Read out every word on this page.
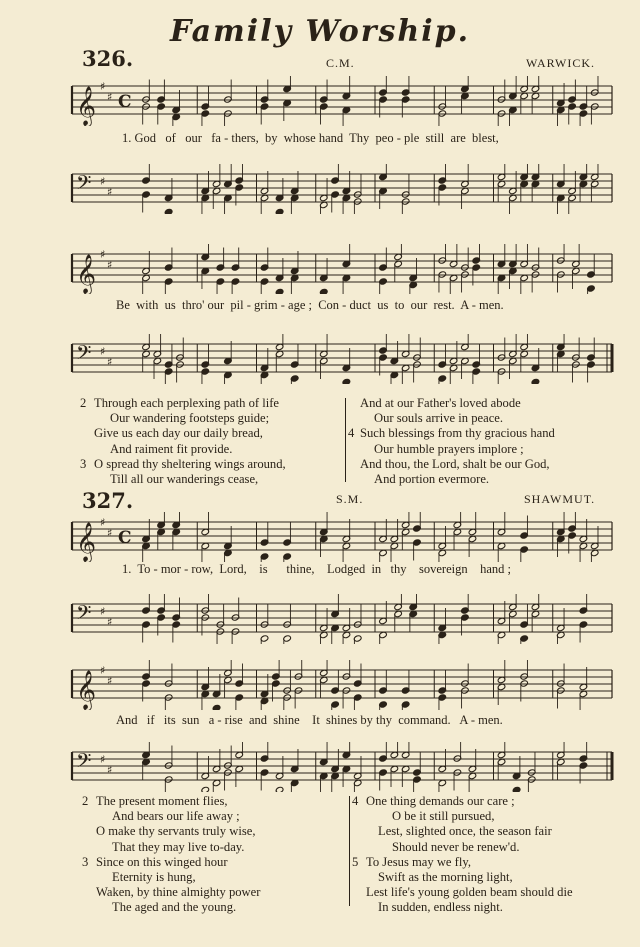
Family Worship.
326.	C.M.	WARWICK.
𝄞 ♯
♯ C
1. God   of   our   fa - thers,  by  whose hand  Thy  peo - ple  still  are  blest,
𝄢 ♯
♯
𝄞 ♯
♯
Be  with  us  thro' our  pil - grim - age ;  Con - duct  us  to  our  rest.  A - men.
𝄢 ♯
♯
2 Through each perplexing path of life
Our wandering footsteps guide;
Give us each day our daily bread,
And raiment fit provide.
3 O spread thy sheltering wings around,
Till all our wanderings cease,
And at our Father's loved abode
Our souls arrive in peace.
4 Such blessings from thy gracious hand
Our humble prayers implore ;
And thou, the Lord, shalt be our God,
And portion evermore.
327.	S.M.	SHAWMUT.
𝄞 ♯
♯ C
1.  To - mor - row,  Lord,    is      thine,    Lodged  in   thy    sovereign    hand ;
𝄢 ♯
♯
𝄞 ♯
♯
And   if   its  sun   a - rise  and  shine    It  shines by thy  command.   A - men.
𝄢 ♯
♯
2 The present moment flies,
And bears our life away ;
O make thy servants truly wise,
That they may live to-day.
3 Since on this winged hour
Eternity is hung,
Waken, by thine almighty power
The aged and the young.
4 One thing demands our care ;
O be it still pursued,
Lest, slighted once, the season fair
Should never be renew'd.
5 To Jesus may we fly,
Swift as the morning light,
Lest life's young golden beam should die
In sudden, endless night.
